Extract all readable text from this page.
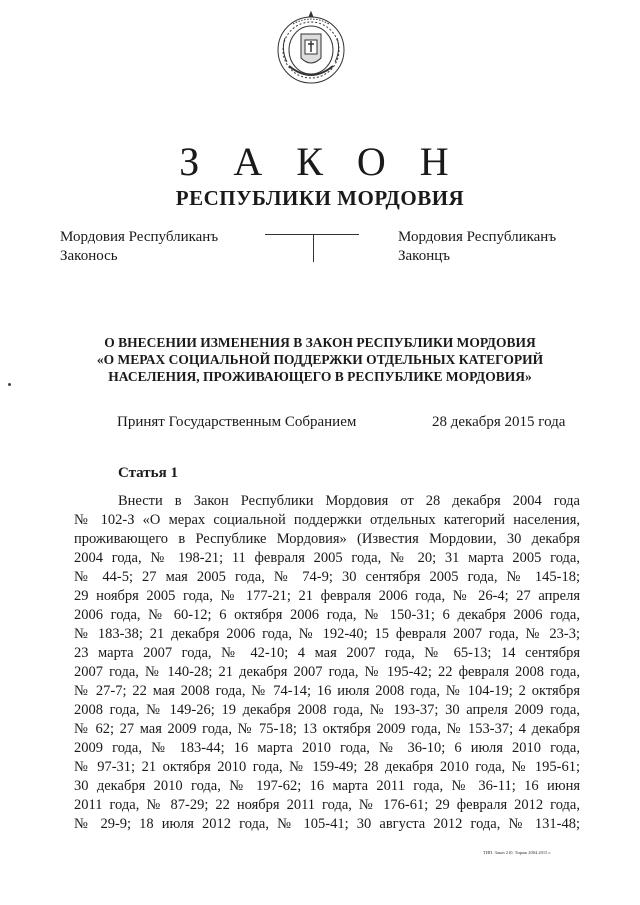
З А К О Н
РЕСПУБЛИКИ МОРДОВИЯ
Мордовия Республиканъ
Законось
Мордовия Республиканъ
Законцъ
О ВНЕСЕНИИ ИЗМЕНЕНИЯ В ЗАКОН РЕСПУБЛИКИ МОРДОВИЯ
«О МЕРАХ СОЦИАЛЬНОЙ ПОДДЕРЖКИ ОТДЕЛЬНЫХ КАТЕГОРИЙ
НАСЕЛЕНИЯ, ПРОЖИВАЮЩЕГО В РЕСПУБЛИКЕ МОРДОВИЯ»
Принят Государственным Собранием	28 декабря 2015 года
Статья 1
Внести в Закон Республики Мордовия от 28 декабря 2004 года
№ 102-З «О мерах социальной поддержки отдельных категорий населения,
проживающего в Республике Мордовия» (Известия Мордовии, 30 декабря
2004 года, № 198-21; 11 февраля 2005 года, № 20; 31 марта 2005 года,
№ 44-5; 27 мая 2005 года, № 74-9; 30 сентября 2005 года, № 145-18;
29 ноября 2005 года, № 177-21; 21 февраля 2006 года, № 26-4; 27 апреля
2006 года, № 60-12; 6 октября 2006 года, № 150-31; 6 декабря 2006 года,
№ 183-38; 21 декабря 2006 года, № 192-40; 15 февраля 2007 года, № 23-3;
23 марта 2007 года, № 42-10; 4 мая 2007 года, № 65-13; 14 сентября
2007 года, № 140-28; 21 декабря 2007 года, № 195-42; 22 февраля 2008 года,
№ 27-7; 22 мая 2008 года, № 74-14; 16 июля 2008 года, № 104-19; 2 октября
2008 года, № 149-26; 19 декабря 2008 года, № 193-37; 30 апреля 2009 года,
№ 62; 27 мая 2009 года, № 75-18; 13 октября 2009 года, № 153-37; 4 декабря
2009 года, № 183-44; 16 марта 2010 года, № 36-10; 6 июля 2010 года,
№ 97-31; 21 октября 2010 года, № 159-49; 28 декабря 2010 года, № 195-61;
30 декабря 2010 года, № 197-62; 16 марта 2011 года, № 36-11; 16 июня
2011 года, № 87-29; 22 ноября 2011 года, № 176-61; 29 февраля 2012 года,
№ 29-9; 18 июля 2012 года, № 105-41; 30 августа 2012 года, № 131-48;
ТИП. Заказ 210. Тираж 2004.2015 г.
